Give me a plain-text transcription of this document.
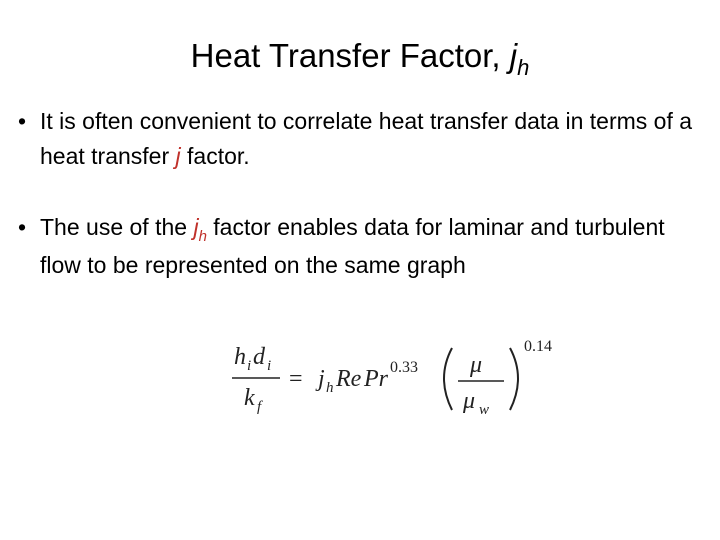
Heat Transfer Factor, $j_h$
• It is often convenient to correlate heat transfer data in terms of a heat transfer j factor.
• The use of the $j_h$ factor enables data for laminar and turbulent flow to be represented on the same graph
h i d i
k f
= j h Re Pr 0.33 μ
μ w
0.14
